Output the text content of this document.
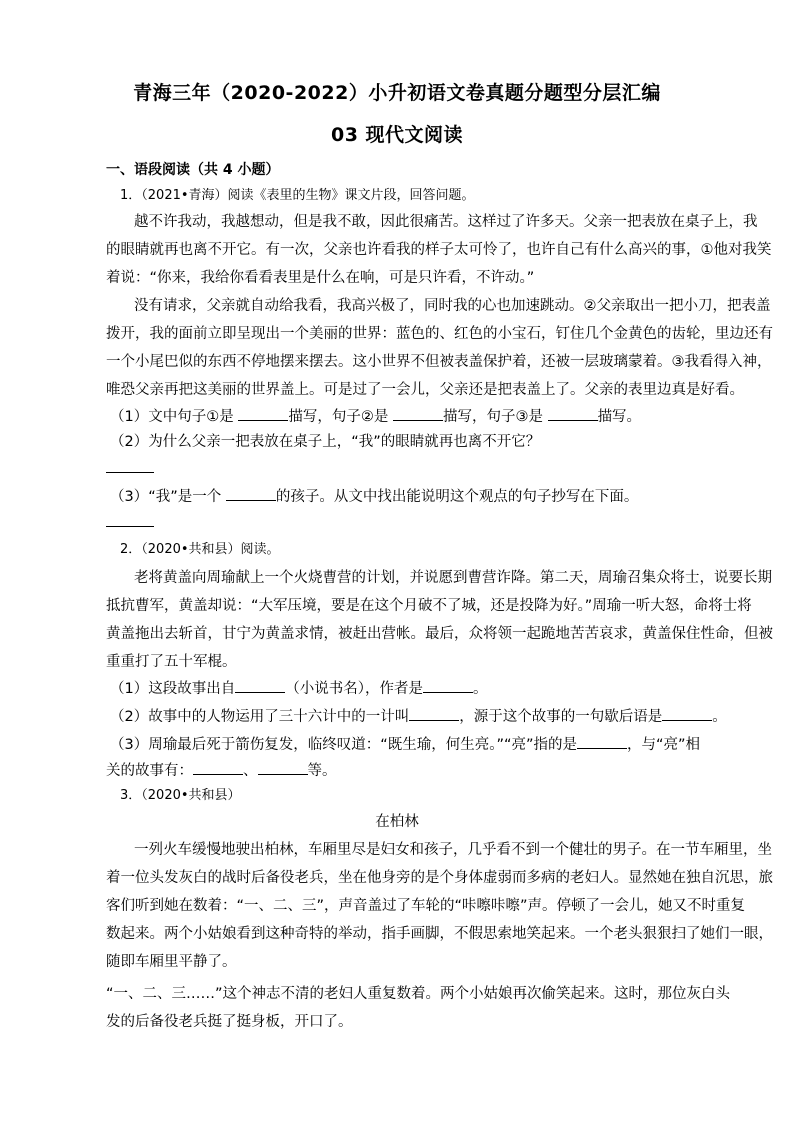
青海三年（2020-2022）小升初语文卷真题分题型分层汇编
03 现代文阅读
一、语段阅读（共 4 小题）
1．（2021•青海）阅读《表里的生物》课文片段，回答问题。
越不许我动，我越想动，但是我不敢，因此很痛苦。这样过了许多天。父亲一把表放在桌子上，我
的眼睛就再也离不开它。有一次，父亲也许看我的样子太可怜了，也许自己有什么高兴的事，①他对我笑
着说：“你来，我给你看看表里是什么在响，可是只许看，不许动。”
没有请求，父亲就自动给我看，我高兴极了，同时我的心也加速跳动。②父亲取出一把小刀，把表盖
拨开，我的面前立即呈现出一个美丽的世界：蓝色的、红色的小宝石，钉住几个金黄色的齿轮，里边还有
一个小尾巴似的东西不停地摆来摆去。这小世界不但被表盖保护着，还被一层玻璃蒙着。③我看得入神，
唯恐父亲再把这美丽的世界盖上。可是过了一会儿，父亲还是把表盖上了。父亲的表里边真是好看。
（1）文中句子①是	描写，句子②是	描写，句子③是	描写。
（2）为什么父亲一把表放在桌子上，“我”的眼睛就再也离不开它？
（3）“我”是一个	的孩子。从文中找出能说明这个观点的句子抄写在下面。
2．（2020•共和县）阅读。
老将黄盖向周瑜献上一个火烧曹营的计划，并说愿到曹营诈降。第二天，周瑜召集众将士，说要长期
抵抗曹军，黄盖却说：“大军压境，要是在这个月破不了城，还是投降为好。”周瑜一听大怒，命将士将
黄盖拖出去斩首，甘宁为黄盖求情，被赶出营帐。最后，众将领一起跪地苦苦哀求，黄盖保住性命，但被
重重打了五十军棍。
（1）这段故事出自	（小说书名），作者是	。
（2）故事中的人物运用了三十六计中的一计叫	，源于这个故事的一句歇后语是	。
（3）周瑜最后死于箭伤复发，临终叹道：“既生瑜，何生亮。”“亮”指的是	，与“亮”相
关的故事有：	、	等。
3．（2020•共和县）
在柏林
一列火车缓慢地驶出柏林，车厢里尽是妇女和孩子，几乎看不到一个健壮的男子。在一节车厢里，坐
着一位头发灰白的战时后备役老兵，坐在他身旁的是个身体虚弱而多病的老妇人。显然她在独自沉思，旅
客们听到她在数着：“一、二、三”，声音盖过了车轮的“咔嚓咔嚓”声。停顿了一会儿，她又不时重复
数起来。两个小姑娘看到这种奇特的举动，指手画脚，不假思索地笑起来。一个老头狠狠扫了她们一眼，
随即车厢里平静了。
“一、二、三……”这个神志不清的老妇人重复数着。两个小姑娘再次偷笑起来。这时，那位灰白头
发的后备役老兵挺了挺身板，开口了。
